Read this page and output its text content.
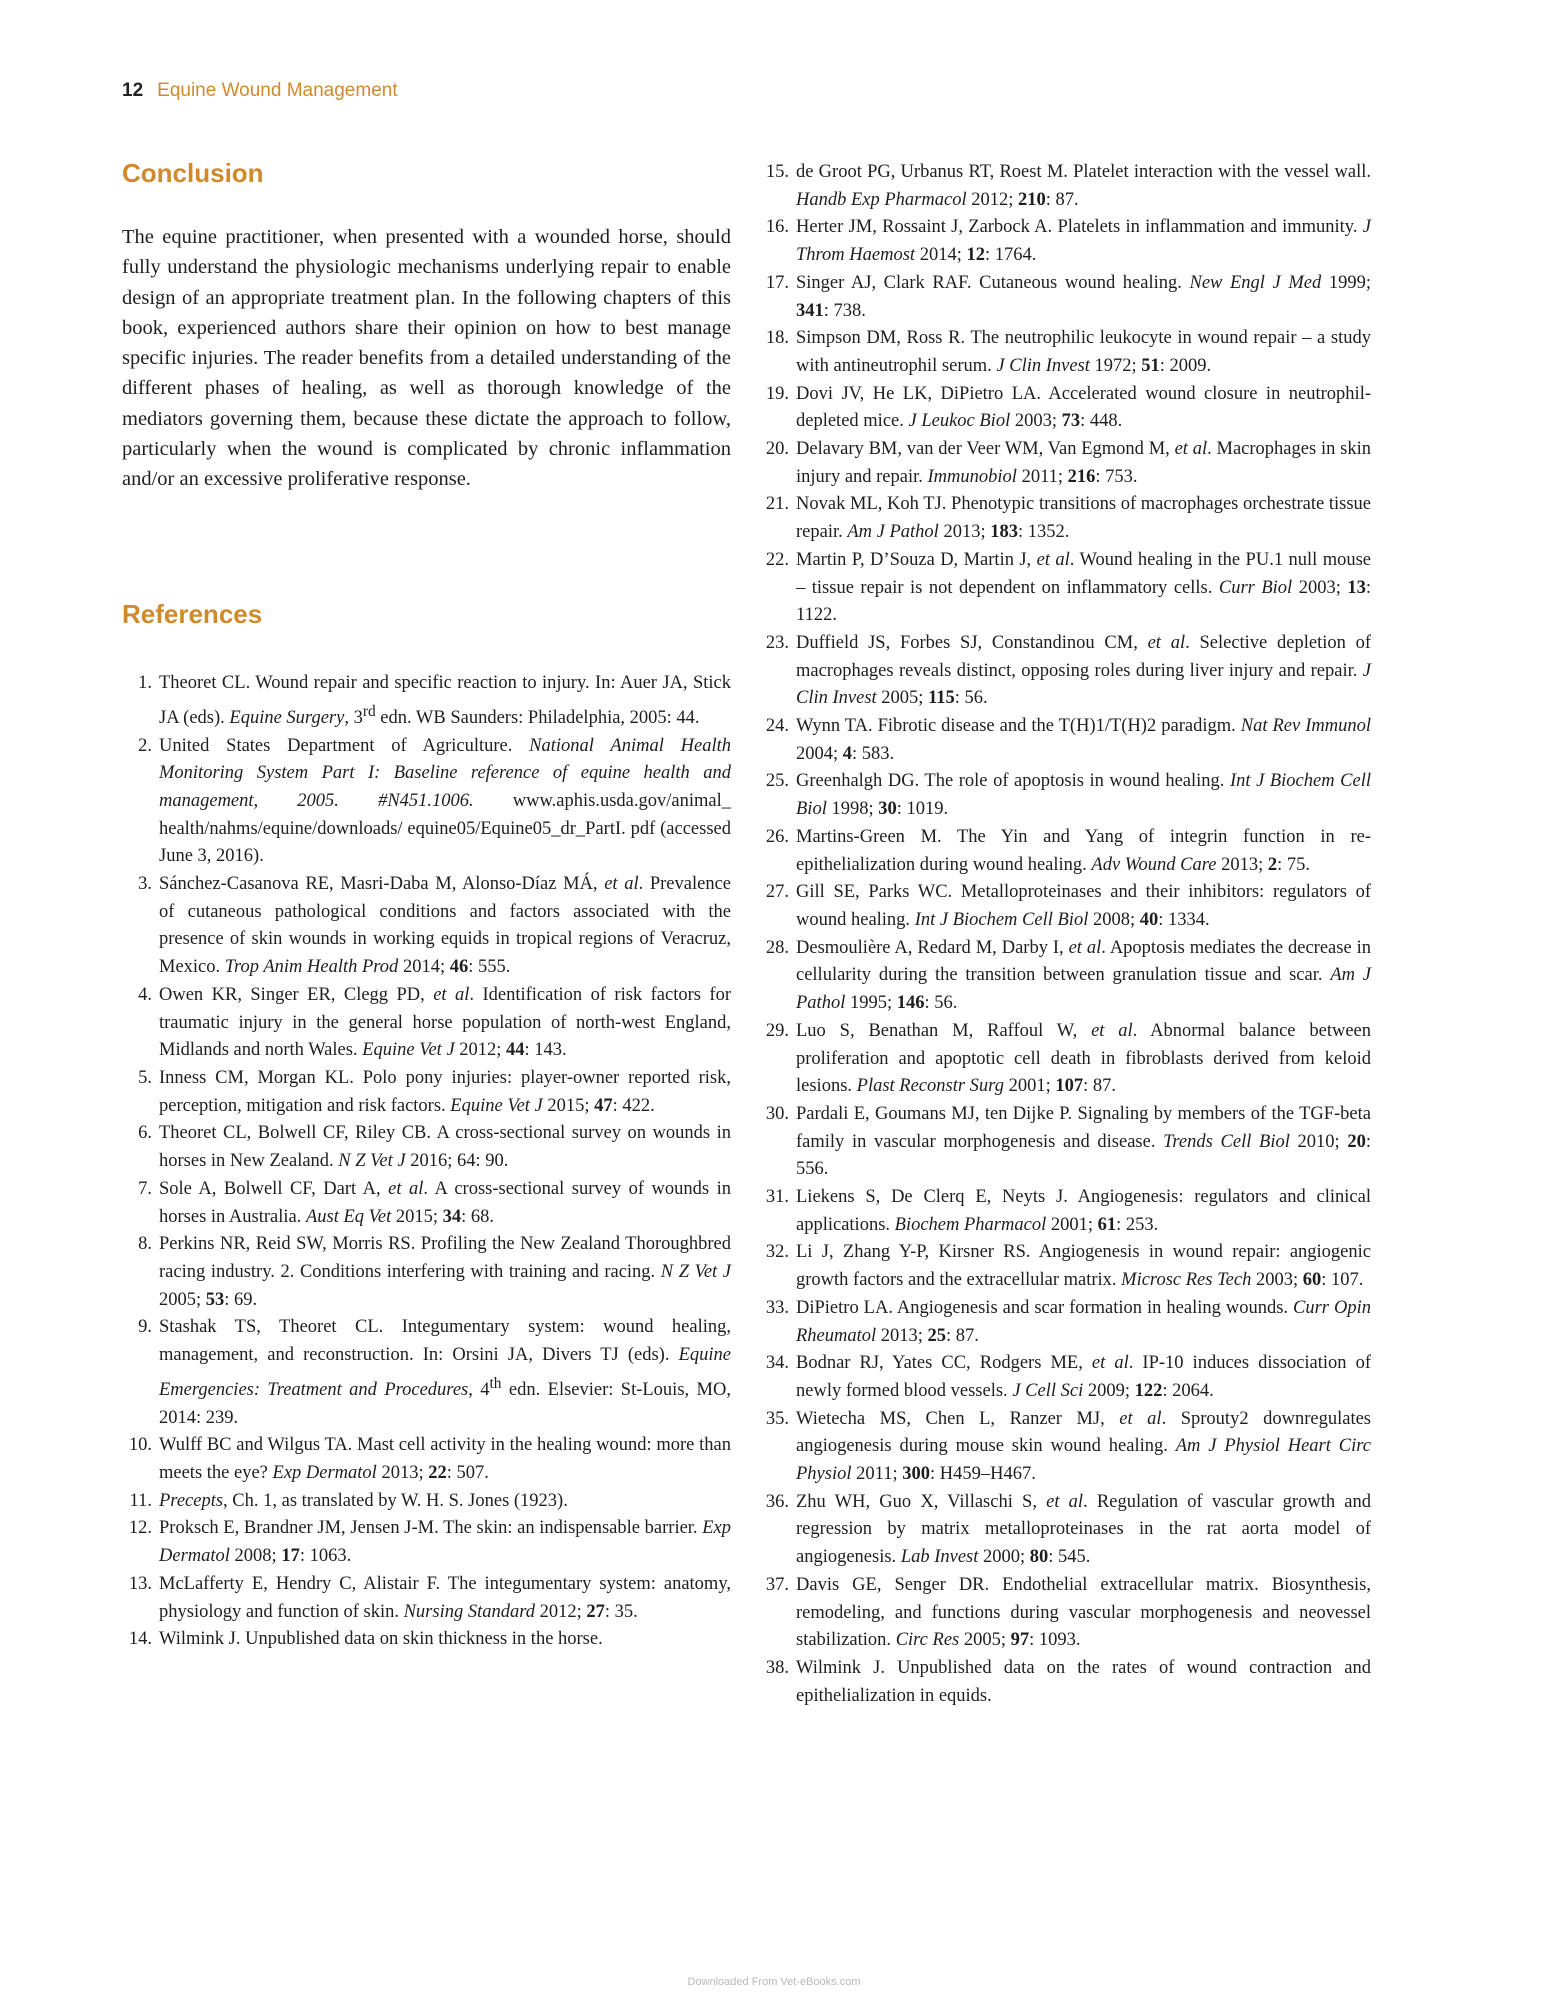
12 Equine Wound Management
Conclusion

The equine practitioner, when presented with a wounded horse, should fully understand the physiologic mechanisms underlying repair to enable design of an appropriate treatment plan. In the following chapters of this book, experienced authors share their opinion on how to best manage specific injuries. The reader benefits from a detailed understanding of the different phases of healing, as well as thorough knowledge of the mediators governing them, because these dictate the approach to follow, particularly when the wound is complicated by chronic inflammation and/or an excessive proliferative response.

References
1. Theoret CL. Wound repair and specific reaction to injury. In: Auer JA, Stick JA (eds). Equine Surgery, 3rd edn. WB Saunders: Philadelphia, 2005: 44.
2. United States Department of Agriculture. National Animal Health Monitoring System Part I: Baseline reference of equine health and management, 2005. #N451.1006. www.aphis.usda.gov/animal_ health/nahms/equine/downloads/ equine05/Equine05_dr_PartI. pdf (accessed June 3, 2016).
3. Sánchez-Casanova RE, Masri-Daba M, Alonso-Díaz MÁ, et al. Prevalence of cutaneous pathological conditions and factors associated with the presence of skin wounds in working equids in tropical regions of Veracruz, Mexico. Trop Anim Health Prod 2014; 46: 555.
4. Owen KR, Singer ER, Clegg PD, et al. Identification of risk factors for traumatic injury in the general horse population of north-west England, Midlands and north Wales. Equine Vet J 2012; 44: 143.
5. Inness CM, Morgan KL. Polo pony injuries: player-owner reported risk, perception, mitigation and risk factors. Equine Vet J 2015; 47: 422.
6. Theoret CL, Bolwell CF, Riley CB. A cross-sectional survey on wounds in horses in New Zealand. N Z Vet J 2016; 64: 90.
7. Sole A, Bolwell CF, Dart A, et al. A cross-sectional survey of wounds in horses in Australia. Aust Eq Vet 2015; 34: 68.
8. Perkins NR, Reid SW, Morris RS. Profiling the New Zealand Thoroughbred racing industry. 2. Conditions interfering with training and racing. N Z Vet J 2005; 53: 69.
9. Stashak TS, Theoret CL. Integumentary system: wound healing, management, and reconstruction. In: Orsini JA, Divers TJ (eds). Equine Emergencies: Treatment and Procedures, 4th edn. Elsevier: St-Louis, MO, 2014: 239.
10. Wulff BC and Wilgus TA. Mast cell activity in the healing wound: more than meets the eye? Exp Dermatol 2013; 22: 507.
11. Precepts, Ch. 1, as translated by W. H. S. Jones (1923).
12. Proksch E, Brandner JM, Jensen J-M. The skin: an indispensable barrier. Exp Dermatol 2008; 17: 1063.
13. McLafferty E, Hendry C, Alistair F. The integumentary system: anatomy, physiology and function of skin. Nursing Standard 2012; 27: 35.
14. Wilmink J. Unpublished data on skin thickness in the horse.
15. de Groot PG, Urbanus RT, Roest M. Platelet interaction with the vessel wall. Handb Exp Pharmacol 2012; 210: 87.
16. Herter JM, Rossaint J, Zarbock A. Platelets in inflammation and immunity. J Throm Haemost 2014; 12: 1764.
17. Singer AJ, Clark RAF. Cutaneous wound healing. New Engl J Med 1999; 341: 738.
18. Simpson DM, Ross R. The neutrophilic leukocyte in wound repair – a study with antineutrophil serum. J Clin Invest 1972; 51: 2009.
19. Dovi JV, He LK, DiPietro LA. Accelerated wound closure in neutrophil-depleted mice. J Leukoc Biol 2003; 73: 448.
20. Delavary BM, van der Veer WM, Van Egmond M, et al. Macrophages in skin injury and repair. Immunobiol 2011; 216: 753.
21. Novak ML, Koh TJ. Phenotypic transitions of macrophages orchestrate tissue repair. Am J Pathol 2013; 183: 1352.
22. Martin P, D’Souza D, Martin J, et al. Wound healing in the PU.1 null mouse – tissue repair is not dependent on inflammatory cells. Curr Biol 2003; 13: 1122.
23. Duffield JS, Forbes SJ, Constandinou CM, et al. Selective depletion of macrophages reveals distinct, opposing roles during liver injury and repair. J Clin Invest 2005; 115: 56.
24. Wynn TA. Fibrotic disease and the T(H)1/T(H)2 paradigm. Nat Rev Immunol 2004; 4: 583.
25. Greenhalgh DG. The role of apoptosis in wound healing. Int J Biochem Cell Biol 1998; 30: 1019.
26. Martins-Green M. The Yin and Yang of integrin function in re-epithelialization during wound healing. Adv Wound Care 2013; 2: 75.
27. Gill SE, Parks WC. Metalloproteinases and their inhibitors: regulators of wound healing. Int J Biochem Cell Biol 2008; 40: 1334.
28. Desmoulière A, Redard M, Darby I, et al. Apoptosis mediates the decrease in cellularity during the transition between granulation tissue and scar. Am J Pathol 1995; 146: 56.
29. Luo S, Benathan M, Raffoul W, et al. Abnormal balance between proliferation and apoptotic cell death in fibroblasts derived from keloid lesions. Plast Reconstr Surg 2001; 107: 87.
30. Pardali E, Goumans MJ, ten Dijke P. Signaling by members of the TGF-beta family in vascular morphogenesis and disease. Trends Cell Biol 2010; 20: 556.
31. Liekens S, De Clerq E, Neyts J. Angiogenesis: regulators and clinical applications. Biochem Pharmacol 2001; 61: 253.
32. Li J, Zhang Y-P, Kirsner RS. Angiogenesis in wound repair: angiogenic growth factors and the extracellular matrix. Microsc Res Tech 2003; 60: 107.
33. DiPietro LA. Angiogenesis and scar formation in healing wounds. Curr Opin Rheumatol 2013; 25: 87.
34. Bodnar RJ, Yates CC, Rodgers ME, et al. IP-10 induces dissociation of newly formed blood vessels. J Cell Sci 2009; 122: 2064.
35. Wietecha MS, Chen L, Ranzer MJ, et al. Sprouty2 downregulates angiogenesis during mouse skin wound healing. Am J Physiol Heart Circ Physiol 2011; 300: H459–H467.
36. Zhu WH, Guo X, Villaschi S, et al. Regulation of vascular growth and regression by matrix metalloproteinases in the rat aorta model of angiogenesis. Lab Invest 2000; 80: 545.
37. Davis GE, Senger DR. Endothelial extracellular matrix. Biosynthesis, remodeling, and functions during vascular morphogenesis and neovessel stabilization. Circ Res 2005; 97: 1093.
38. Wilmink J. Unpublished data on the rates of wound contraction and epithelialization in equids.
Downloaded From Vet-eBooks.com
